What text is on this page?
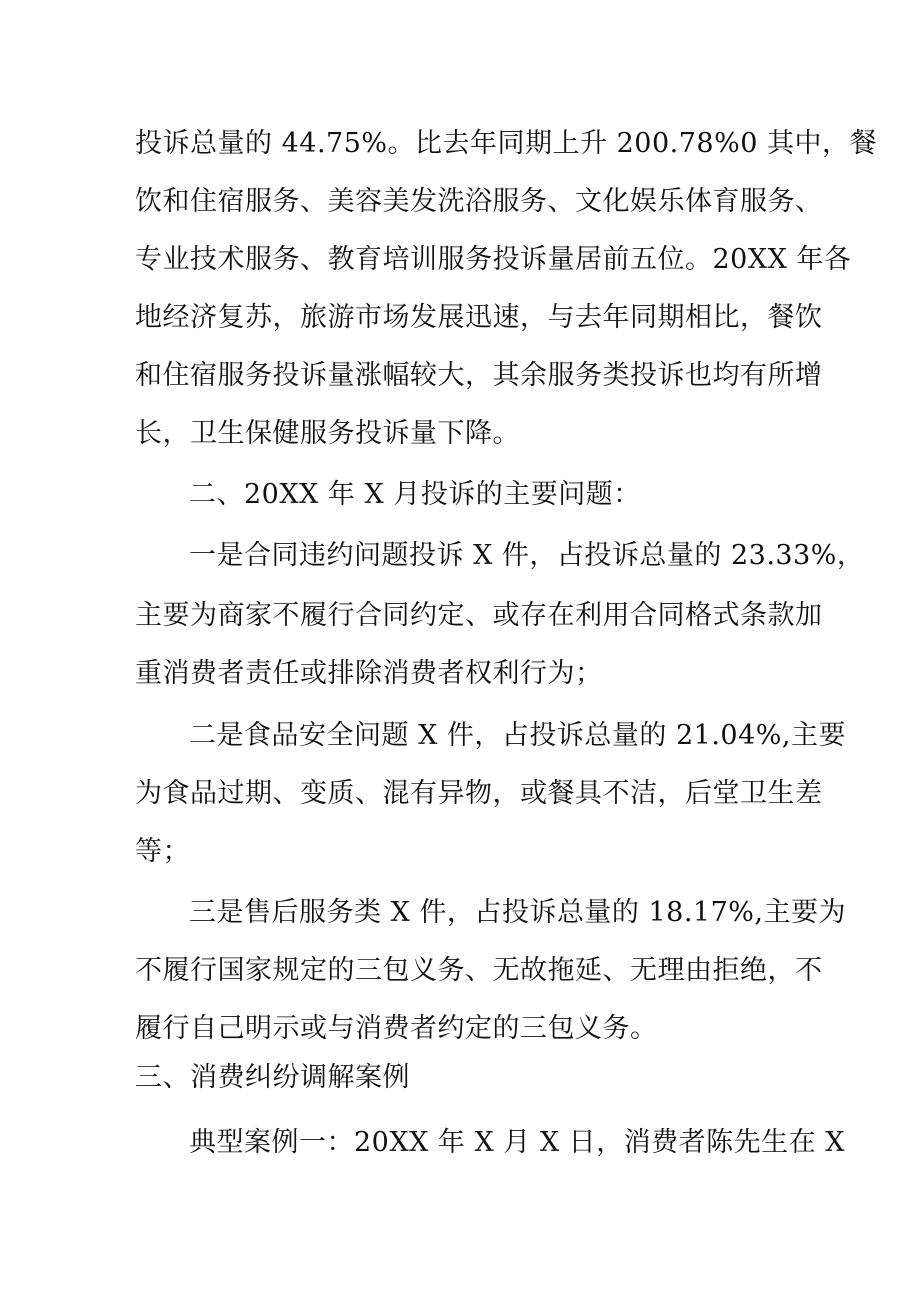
投诉总量的 44.75%。比去年同期上升 200.78%0 其中，餐
饮和住宿服务、美容美发洗浴服务、文化娱乐体育服务、
专业技术服务、教育培训服务投诉量居前五位。20XX 年各
地经济复苏，旅游市场发展迅速，与去年同期相比，餐饮
和住宿服务投诉量涨幅较大，其余服务类投诉也均有所增
长，卫生保健服务投诉量下降。
二、20XX 年 X 月投诉的主要问题：
一是合同违约问题投诉 X 件，占投诉总量的 23.33%，
主要为商家不履行合同约定、或存在利用合同格式条款加
重消费者责任或排除消费者权利行为；
二是食品安全问题 X 件，占投诉总量的 21.04%,主要
为食品过期、变质、混有异物，或餐具不洁，后堂卫生差
等；
三是售后服务类 X 件，占投诉总量的 18.17%,主要为
不履行国家规定的三包义务、无故拖延、无理由拒绝，不
履行自己明示或与消费者约定的三包义务。
三、消费纠纷调解案例
典型案例一：20XX 年 X 月 X 日，消费者陈先生在 X
